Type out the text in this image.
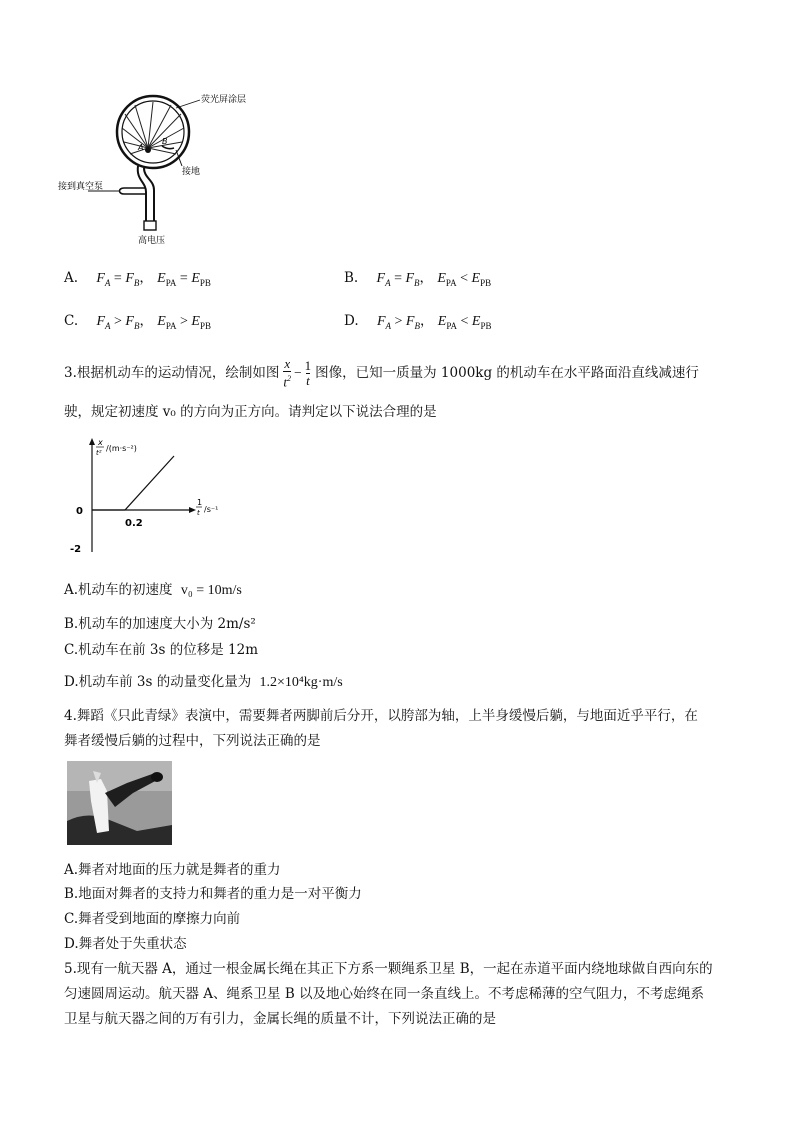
A
B
荧光屏涂层
接地
接到真空泵
高电压
A. $F_A = F_B$， $E_{PA} = E_{PB}$	B. $F_A = F_B$， $E_{PA} < E_{PB}$
C. $F_A > F_B$， $E_{PA} > E_{PB}$	D. $F_A > F_B$， $E_{PA} < E_{PB}$
3.根据机动车的运动情况，绘制如图
x
$t^2 - \frac{1}{t}$ 图像，已知一质量为 1000kg 的机动车在水平路面沿直线减速行
驶，规定初速度 v₀ 的方向为正方向。请判定以下说法合理的是
x
t² /(m·s⁻²)
1
t /s⁻¹
0
0.2
-2
A.机动车的初速度 v₀ = 10m/s
B.机动车的加速度大小为 2m/s²
C.机动车在前 3s 的位移是 12m
D.机动车前 3s 的动量变化量为 1.2×10⁴kg·m/s
4.舞蹈《只此青绿》表演中，需要舞者两脚前后分开，以胯部为轴，上半身缓慢后躺，与地面近乎平行，在
舞者缓慢后躺的过程中，下列说法正确的是
A.舞者对地面的压力就是舞者的重力
B.地面对舞者的支持力和舞者的重力是一对平衡力
C.舞者受到地面的摩擦力向前
D.舞者处于失重状态
5.现有一航天器 A，通过一根金属长绳在其正下方系一颗绳系卫星 B，一起在赤道平面内绕地球做自西向东的
匀速圆周运动。航天器 A、绳系卫星 B 以及地心始终在同一条直线上。不考虑稀薄的空气阻力，不考虑绳系
卫星与航天器之间的万有引力，金属长绳的质量不计，下列说法正确的是
